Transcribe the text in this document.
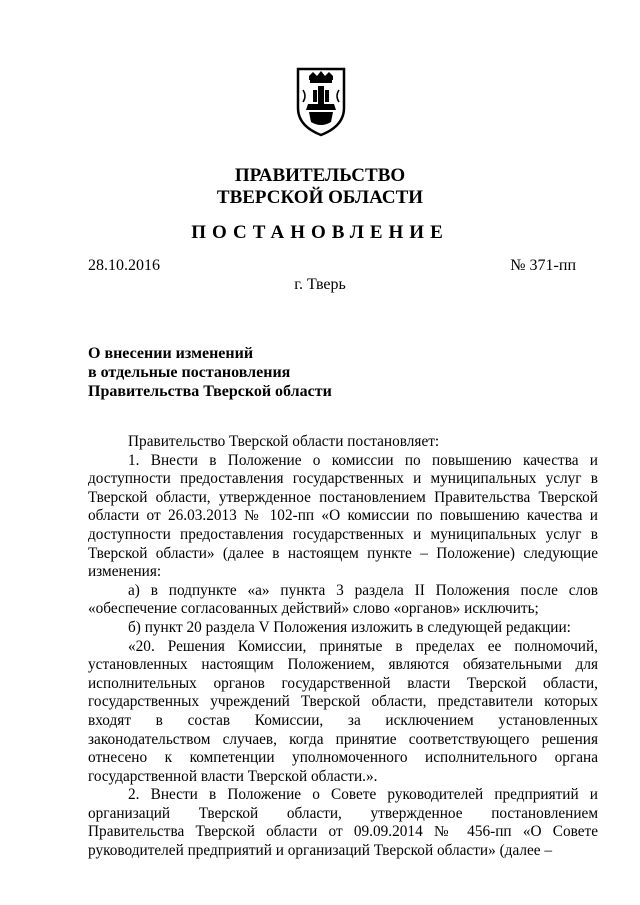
ПРАВИТЕЛЬСТВО
ТВЕРСКОЙ ОБЛАСТИ
ПОСТАНОВЛЕНИЕ
28.10.2016	№ 371-пп
г. Тверь
О внесении изменений
в отдельные постановления
Правительства Тверской области

Правительство Тверской области постановляет:

1. Внести в Положение о комиссии по повышению качества и доступности предоставления государственных и муниципальных услуг в Тверской области, утвержденное постановлением Правительства Тверской области от 26.03.2013 № 102-пп «О комиссии по повышению качества и доступности предоставления государственных и муниципальных услуг в Тверской области» (далее в настоящем пункте – Положение) следующие изменения:

а) в подпункте «а» пункта 3 раздела II Положения после слов «обеспечение согласованных действий» слово «органов» исключить;

б) пункт 20 раздела V Положения изложить в следующей редакции:

«20. Решения Комиссии, принятые в пределах ее полномочий, установленных настоящим Положением, являются обязательными для исполнительных органов государственной власти Тверской области, государственных учреждений Тверской области, представители которых входят в состав Комиссии, за исключением установленных законодательством случаев, когда принятие соответствующего решения отнесено к компетенции уполномоченного исполнительного органа государственной власти Тверской области.».

2. Внести в Положение о Совете руководителей предприятий и организаций Тверской области, утвержденное постановлением Правительства Тверской области от 09.09.2014 № 456-пп «О Совете руководителей предприятий и организаций Тверской области» (далее –
